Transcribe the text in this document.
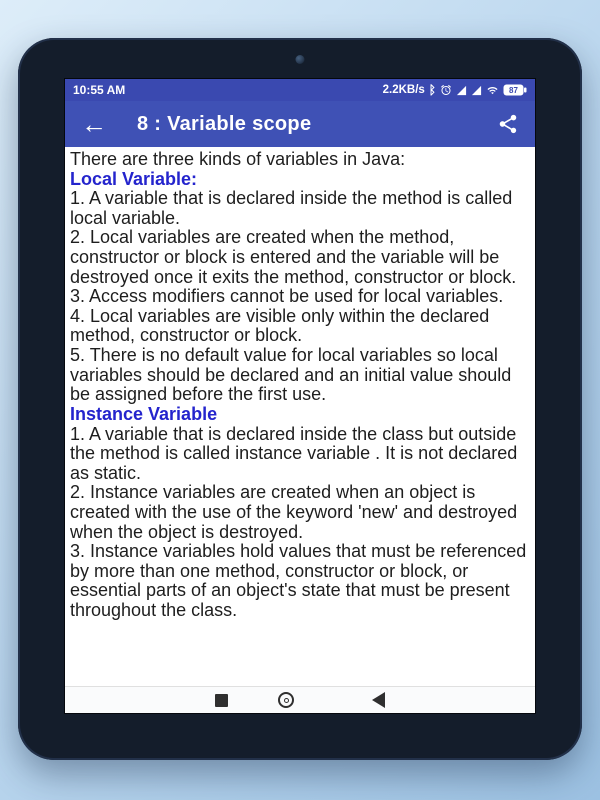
10:55 AM	2.2KB/s ᛒ	87
← 8 : Variable scope

There are three kinds of variables in Java:

Local Variable:

1. A variable that is declared inside the method is called local variable.

2. Local variables are created when the method, constructor or block is entered and the variable will be destroyed once it exits the method, constructor or block.

3. Access modifiers cannot be used for local variables.

4. Local variables are visible only within the declared method, constructor or block.

5. There is no default value for local variables so local variables should be declared and an initial value should be assigned before the first use.

Instance Variable

1. A variable that is declared inside the class but outside the method is called instance variable . It is not declared as static.

2. Instance variables are created when an object is created with the use of the keyword 'new' and destroyed when the object is destroyed.

3. Instance variables hold values that must be referenced by more than one method, constructor or block, or essential parts of an object's state that must be present throughout the class.
